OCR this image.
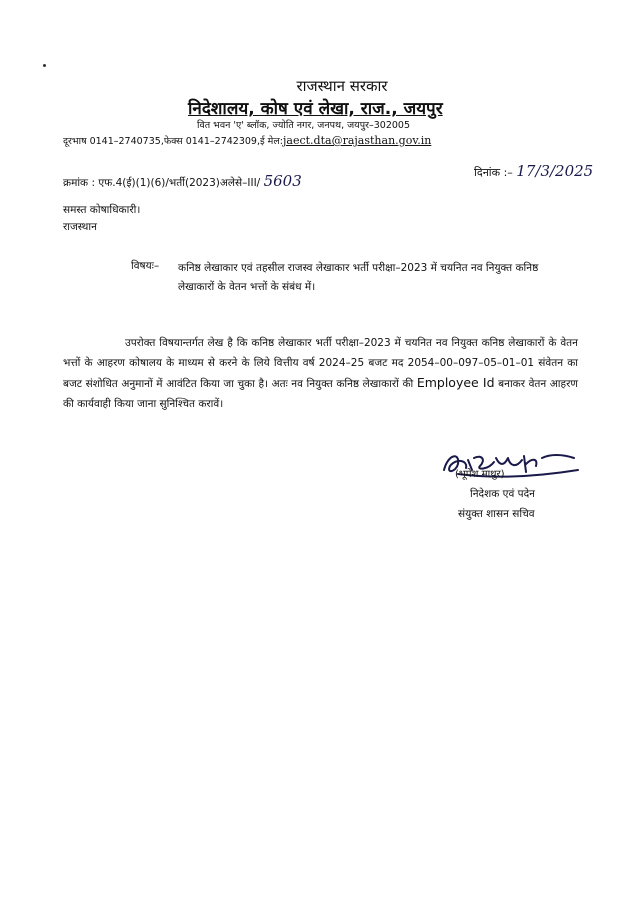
राजस्थान सरकार
निदेशालय, कोष एवं लेखा, राज., जयपुर
वित भवन 'ए' ब्लॉक, ज्योति नगर, जनपथ, जयपुर–302005
दूरभाष 0141–2740735,फेक्स 0141–2742309,ई मेल:jaect.dta@rajasthan.gov.in
क्रमांक : एफ.4(ई)(1)(6)/भर्ती(2023)अलेसे–III/ 5603	दिनांक :– 17/3/2025
समस्त कोषाधिकारी।
राजस्थान
विषयः– कनिष्ठ लेखाकार एवं तहसील राजस्व लेखाकार भर्ती परीक्षा–2023 में चयनित नव नियुक्त कनिष्ठ लेखाकारों के वेतन भत्तों के संबंध में।
उपरोक्त विषयान्तर्गत लेख है कि कनिष्ठ लेखाकार भर्ती परीक्षा–2023 में चयनित नव नियुक्त कनिष्ठ लेखाकारों के वेतन भत्तों के आहरण कोषालय के माध्यम से करने के लिये वित्तीय वर्ष 2024–25 बजट मद 2054–00–097–05–01–01 संवेतन का बजट संशोधित अनुमानों में आवंटित किया जा चुका है। अतः नव नियुक्त कनिष्ठ लेखाकारों की Employee Id बनाकर वेतन आहरण की कार्यवाही किया जाना सुनिश्चित करावें।
(भूपेश माथुर)
निदेशक एवं पदेन
संयुक्त शासन सचिव
